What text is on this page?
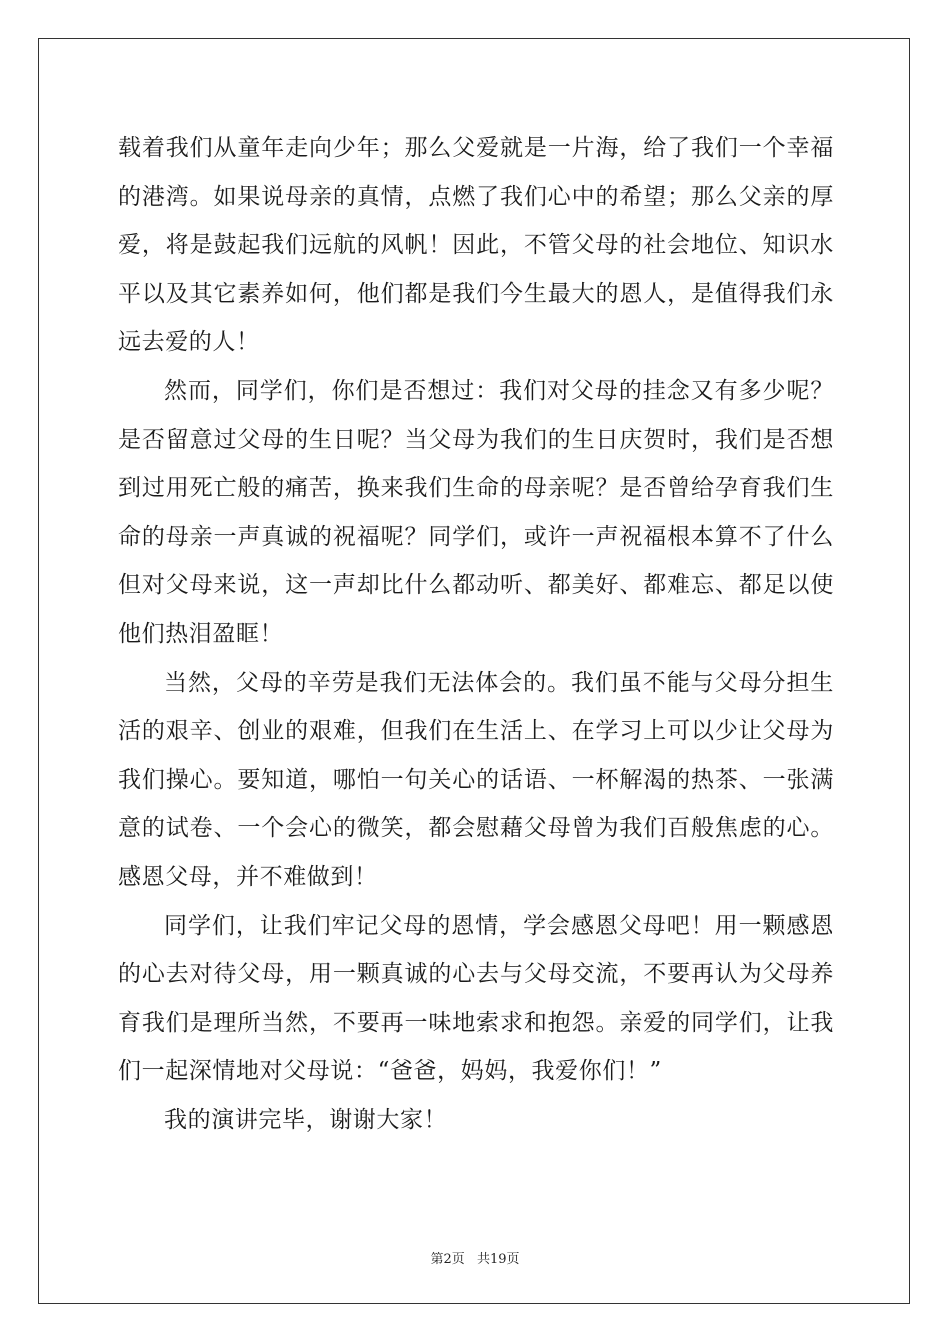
载着我们从童年走向少年；那么父爱就是一片海，给了我们一个幸福的港湾。如果说母亲的真情，点燃了我们心中的希望；那么父亲的厚爱，将是鼓起我们远航的风帆！因此，不管父母的社会地位、知识水平以及其它素养如何，他们都是我们今生最大的恩人，是值得我们永远去爱的人！

然而，同学们，你们是否想过：我们对父母的挂念又有多少呢？是否留意过父母的生日呢？当父母为我们的生日庆贺时，我们是否想到过用死亡般的痛苦，换来我们生命的母亲呢？是否曾给孕育我们生命的母亲一声真诚的祝福呢？同学们，或许一声祝福根本算不了什么但对父母来说，这一声却比什么都动听、都美好、都难忘、都足以使他们热泪盈眶！

当然，父母的辛劳是我们无法体会的。我们虽不能与父母分担生活的艰辛、创业的艰难，但我们在生活上、在学习上可以少让父母为我们操心。要知道，哪怕一句关心的话语、一杯解渴的热茶、一张满意的试卷、一个会心的微笑，都会慰藉父母曾为我们百般焦虑的心。感恩父母，并不难做到！

同学们，让我们牢记父母的恩情，学会感恩父母吧！用一颗感恩的心去对待父母，用一颗真诚的心去与父母交流，不要再认为父母养育我们是理所当然，不要再一味地索求和抱怨。亲爱的同学们，让我们一起深情地对父母说：“爸爸，妈妈，我爱你们！”

我的演讲完毕，谢谢大家！

第2页 共19页
